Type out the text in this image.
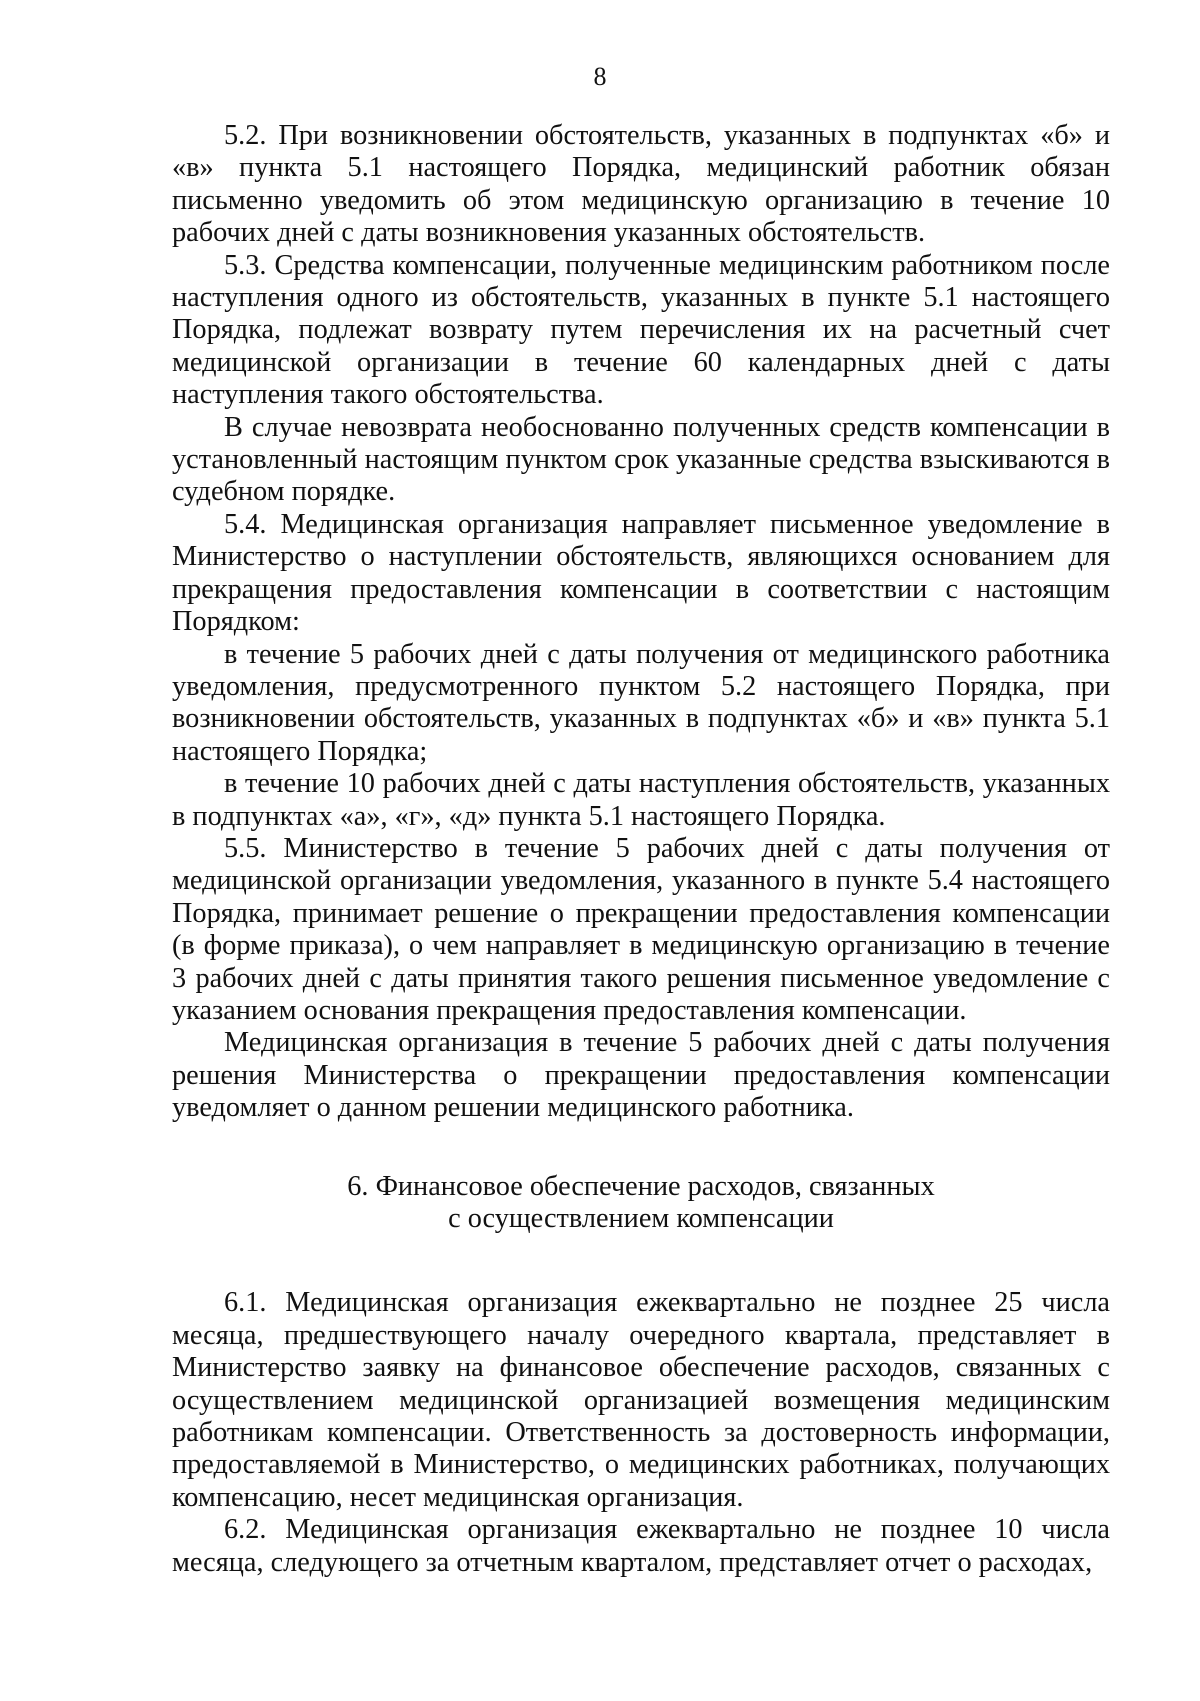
8

5.2. При возникновении обстоятельств, указанных в подпунктах «б» и «в» пункта 5.1 настоящего Порядка, медицинский работник обязан письменно уведомить об этом медицинскую организацию в течение 10 рабочих дней с даты возникновения указанных обстоятельств.

5.3. Средства компенсации, полученные медицинским работником после наступления одного из обстоятельств, указанных в пункте 5.1 настоящего Порядка, подлежат возврату путем перечисления их на расчетный счет медицинской организации в течение 60 календарных дней с даты наступления такого обстоятельства.

В случае невозврата необоснованно полученных средств компенсации в установленный настоящим пунктом срок указанные средства взыскиваются в судебном порядке.

5.4. Медицинская организация направляет письменное уведомление в Министерство о наступлении обстоятельств, являющихся основанием для прекращения предоставления компенсации в соответствии с настоящим Порядком:

в течение 5 рабочих дней с даты получения от медицинского работника уведомления, предусмотренного пунктом 5.2 настоящего Порядка, при возникновении обстоятельств, указанных в подпунктах «б» и «в» пункта 5.1 настоящего Порядка;

в течение 10 рабочих дней с даты наступления обстоятельств, указанных в подпунктах «а», «г», «д» пункта 5.1 настоящего Порядка.

5.5. Министерство в течение 5 рабочих дней с даты получения от медицинской организации уведомления, указанного в пункте 5.4 настоящего Порядка, принимает решение о прекращении предоставления компенсации (в форме приказа), о чем направляет в медицинскую организацию в течение 3 рабочих дней с даты принятия такого решения письменное уведомление с указанием основания прекращения предоставления компенсации.

Медицинская организация в течение 5 рабочих дней с даты получения решения Министерства о прекращении предоставления компенсации уведомляет о данном решении медицинского работника.

6. Финансовое обеспечение расходов, связанных
с осуществлением компенсации

6.1. Медицинская организация ежеквартально не позднее 25 числа месяца, предшествующего началу очередного квартала, представляет в Министерство заявку на финансовое обеспечение расходов, связанных с осуществлением медицинской организацией возмещения медицинским работникам компенсации. Ответственность за достоверность информации, предоставляемой в Министерство, о медицинских работниках, получающих компенсацию, несет медицинская организация.

6.2. Медицинская организация ежеквартально не позднее 10 числа месяца, следующего за отчетным кварталом, представляет отчет о расходах,
